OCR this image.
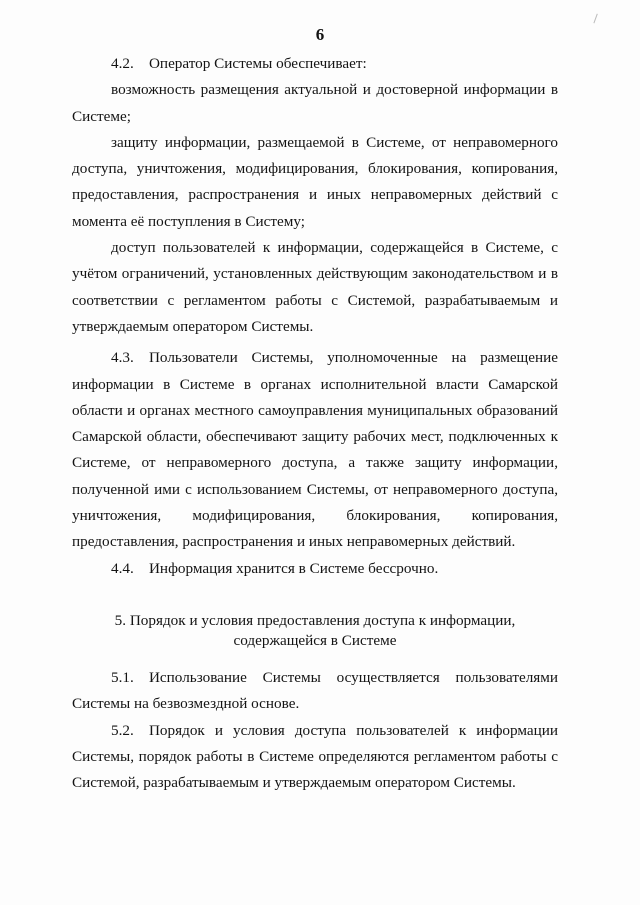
6

4.2. Оператор Системы обеспечивает:

возможность размещения актуальной и достоверной информации в Системе;

защиту информации, размещаемой в Системе, от неправомерного доступа, уничтожения, модифицирования, блокирования, копирования, предоставления, распространения и иных неправомерных действий с момента её поступления в Систему;

доступ пользователей к информации, содержащейся в Системе, с учётом ограничений, установленных действующим законодательством и в соответствии с регламентом работы с Системой, разрабатываемым и утверждаемым оператором Системы.

4.3. Пользователи Системы, уполномоченные на размещение информации в Системе в органах исполнительной власти Самарской области и органах местного самоуправления муниципальных образований Самарской области, обеспечивают защиту рабочих мест, подключенных к Системе, от неправомерного доступа, а также защиту информации, полученной ими с использованием Системы, от неправомерного доступа, уничтожения, модифицирования, блокирования, копирования, предоставления, распространения и иных неправомерных действий.

4.4. Информация хранится в Системе бессрочно.

5. Порядок и условия предоставления доступа к информации,
содержащейся в Системе

5.1. Использование Системы осуществляется пользователями Системы на безвозмездной основе.

5.2. Порядок и условия доступа пользователей к информации Системы, порядок работы в Системе определяются регламентом работы с Системой, разрабатываемым и утверждаемым оператором Системы.
